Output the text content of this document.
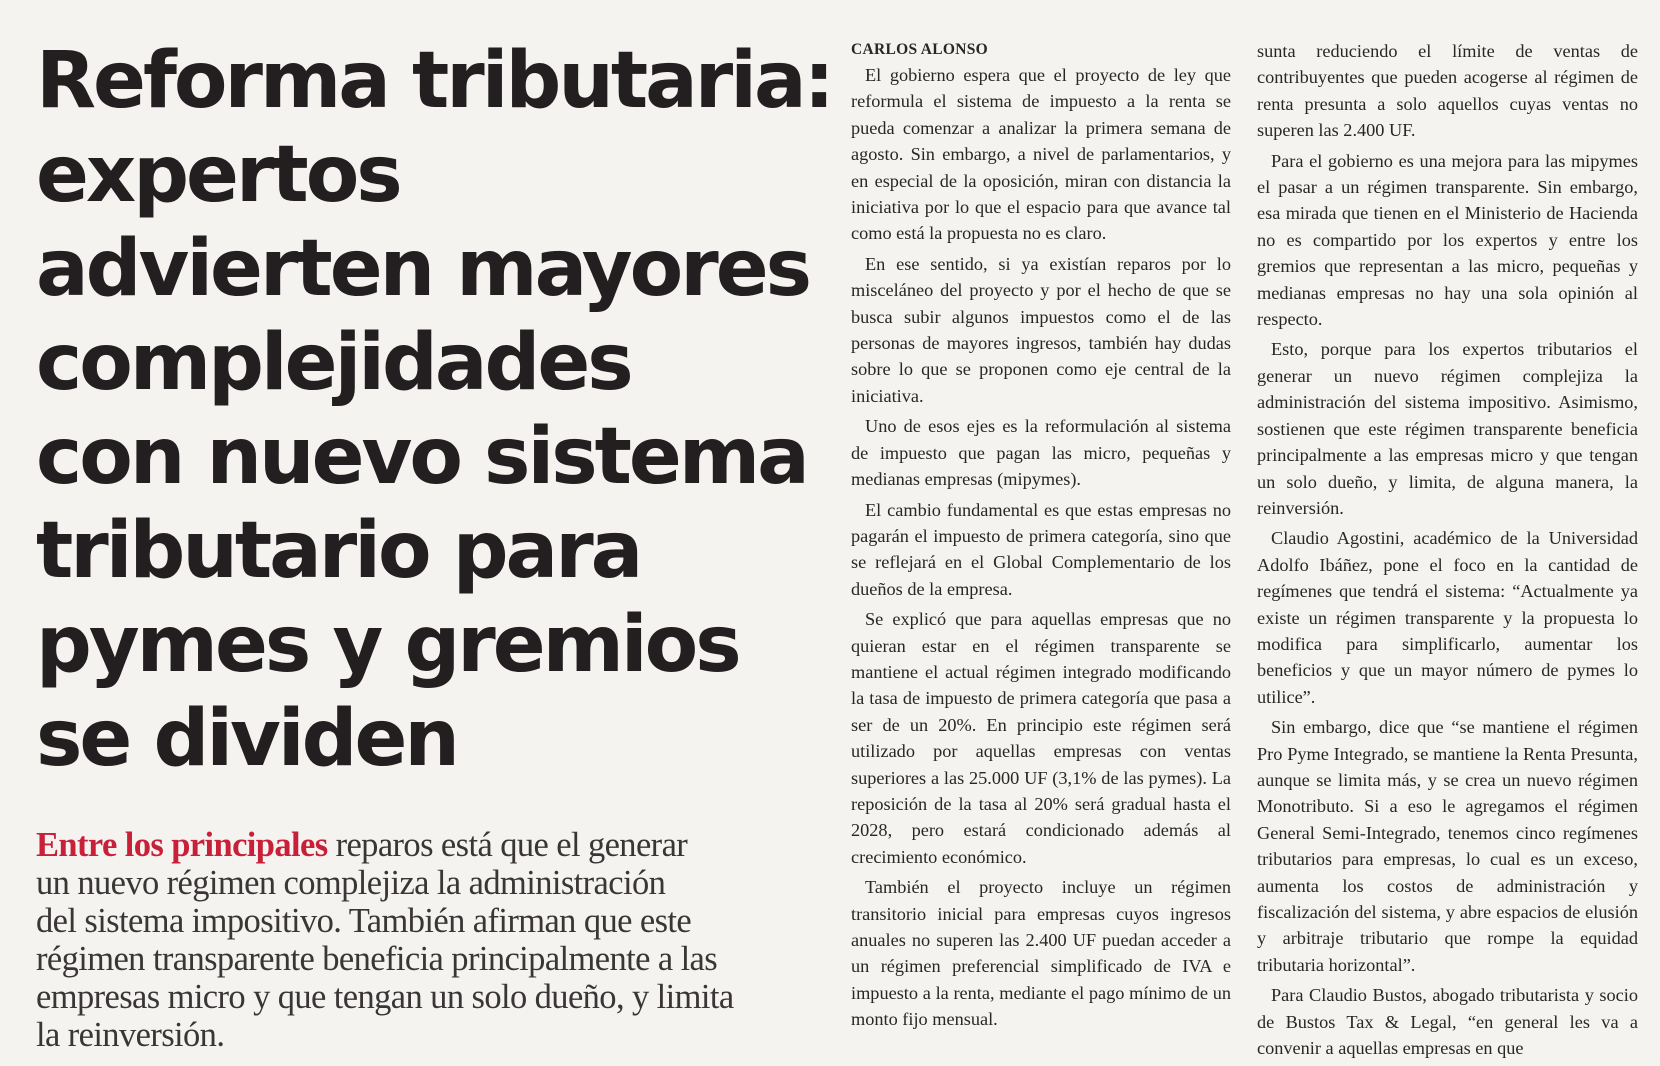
Reforma tributaria:
expertos
advierten mayores
complejidades
con nuevo sistema
tributario para
pymes y gremios
se dividen

Entre los principales reparos está que el generar
un nuevo régimen complejiza la administración
del sistema impositivo. También afirman que este
régimen transparente beneficia principalmente a las
empresas micro y que tengan un solo dueño, y limita
la reinversión.

CARLOS ALONSO

El gobierno espera que el proyecto de ley que reformula el sistema de impuesto a la renta se pueda comenzar a analizar la primera semana de agosto. Sin embargo, a nivel de parlamentarios, y en especial de la oposición, miran con distancia la iniciativa por lo que el espacio para que avance tal como está la propuesta no es claro.

En ese sentido, si ya existían reparos por lo misceláneo del proyecto y por el hecho de que se busca subir algunos impuestos como el de las personas de mayores ingresos, también hay dudas sobre lo que se proponen como eje central de la iniciativa.

Uno de esos ejes es la reformulación al sistema de impuesto que pagan las micro, pequeñas y medianas empresas (mipymes).

El cambio fundamental es que estas empresas no pagarán el impuesto de primera categoría, sino que se reflejará en el Global Complementario de los dueños de la empresa.

Se explicó que para aquellas empresas que no quieran estar en el régimen transparente se mantiene el actual régimen integrado modificando la tasa de impuesto de primera categoría que pasa a ser de un 20%. En principio este régimen será utilizado por aquellas empresas con ventas superiores a las 25.000 UF (3,1% de las pymes). La reposición de la tasa al 20% será gradual hasta el 2028, pero estará condicionado además al crecimiento económico.

También el proyecto incluye un régimen transitorio inicial para empresas cuyos ingresos anuales no superen las 2.400 UF puedan acceder a un régimen preferencial simplificado de IVA e impuesto a la renta, mediante el pago mínimo de un monto fijo mensual.

sunta reduciendo el límite de ventas de contribuyentes que pueden acogerse al régimen de renta presunta a solo aquellos cuyas ventas no superen las 2.400 UF.

Para el gobierno es una mejora para las mipymes el pasar a un régimen transparente. Sin embargo, esa mirada que tienen en el Ministerio de Hacienda no es compartido por los expertos y entre los gremios que representan a las micro, pequeñas y medianas empresas no hay una sola opinión al respecto.

Esto, porque para los expertos tributarios el generar un nuevo régimen complejiza la administración del sistema impositivo. Asimismo, sostienen que este régimen transparente beneficia principalmente a las empresas micro y que tengan un solo dueño, y limita, de alguna manera, la reinversión.

Claudio Agostini, académico de la Universidad Adolfo Ibáñez, pone el foco en la cantidad de regímenes que tendrá el sistema: “Actualmente ya existe un régimen transparente y la propuesta lo modifica para simplificarlo, aumentar los beneficios y que un mayor número de pymes lo utilice”.

Sin embargo, dice que “se mantiene el régimen Pro Pyme Integrado, se mantiene la Renta Presunta, aunque se limita más, y se crea un nuevo régimen Monotributo. Si a eso le agregamos el régimen General Semi-Integrado, tenemos cinco regímenes tributarios para empresas, lo cual es un exceso, aumenta los costos de administración y fiscalización del sistema, y abre espacios de elusión y arbitraje tributario que rompe la equidad tributaria horizontal”.

Para Claudio Bustos, abogado tributarista y socio de Bustos Tax & Legal, “en general les va a convenir a aquellas empresas en que
